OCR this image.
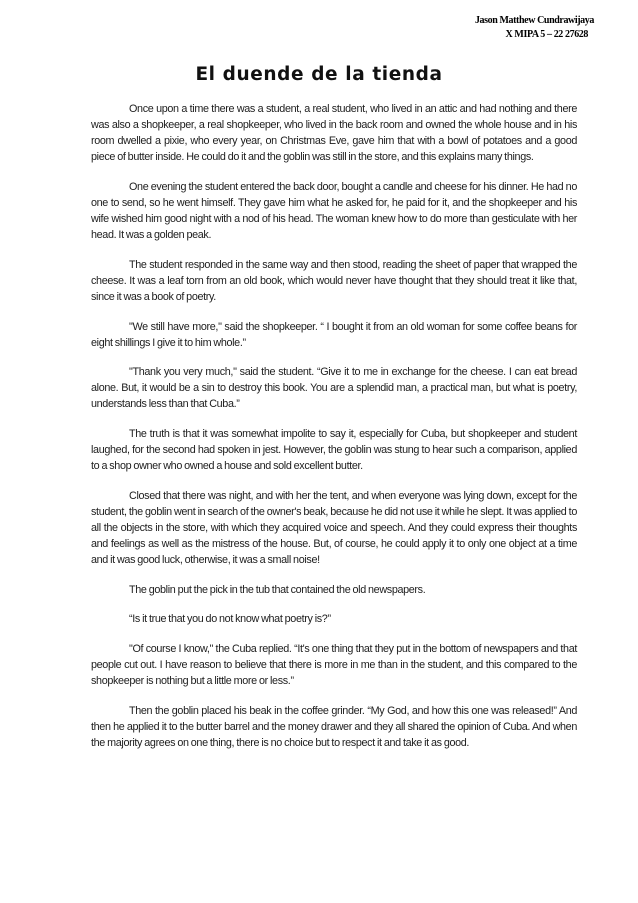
Jason Matthew Cundrawijaya
X MIPA 5 – 22 27628
El duende de la tienda

Once upon a time there was a student, a real student, who lived in an attic and had nothing and there was also a shopkeeper, a real shopkeeper, who lived in the back room and owned the whole house and in his room dwelled a pixie, who every year, on Christmas Eve, gave him that with a bowl of potatoes and a good piece of butter inside. He could do it and the goblin was still in the store, and this explains many things.

One evening the student entered the back door, bought a candle and cheese for his dinner. He had no one to send, so he went himself. They gave him what he asked for, he paid for it, and the shopkeeper and his wife wished him good night with a nod of his head. The woman knew how to do more than gesticulate with her head. It was a golden peak.

The student responded in the same way and then stood, reading the sheet of paper that wrapped the cheese. It was a leaf torn from an old book, which would never have thought that they should treat it like that, since it was a book of poetry.

"We still have more," said the shopkeeper. “ I bought it from an old woman for some coffee beans for eight shillings I give it to him whole.”

"Thank you very much," said the student. “Give it to me in exchange for the cheese. I can eat bread alone. But, it would be a sin to destroy this book. You are a splendid man, a practical man, but what is poetry, understands less than that Cuba.”

The truth is that it was somewhat impolite to say it, especially for Cuba, but shopkeeper and student laughed, for the second had spoken in jest. However, the goblin was stung to hear such a comparison, applied to a shop owner who owned a house and sold excellent butter.

Closed that there was night, and with her the tent, and when everyone was lying down, except for the student, the goblin went in search of the owner's beak, because he did not use it while he slept. It was applied to all the objects in the store, with which they acquired voice and speech. And they could express their thoughts and feelings as well as the mistress of the house. But, of course, he could apply it to only one object at a time and it was good luck, otherwise, it was a small noise!

The goblin put the pick in the tub that contained the old newspapers.

“Is it true that you do not know what poetry is?”

"Of course I know," the Cuba replied. “It's one thing that they put in the bottom of newspapers and that people cut out. I have reason to believe that there is more in me than in the student, and this compared to the shopkeeper is nothing but a little more or less.”

Then the goblin placed his beak in the coffee grinder. “My God, and how this one was released!” And then he applied it to the butter barrel and the money drawer and they all shared the opinion of Cuba. And when the majority agrees on one thing, there is no choice but to respect it and take it as good.
